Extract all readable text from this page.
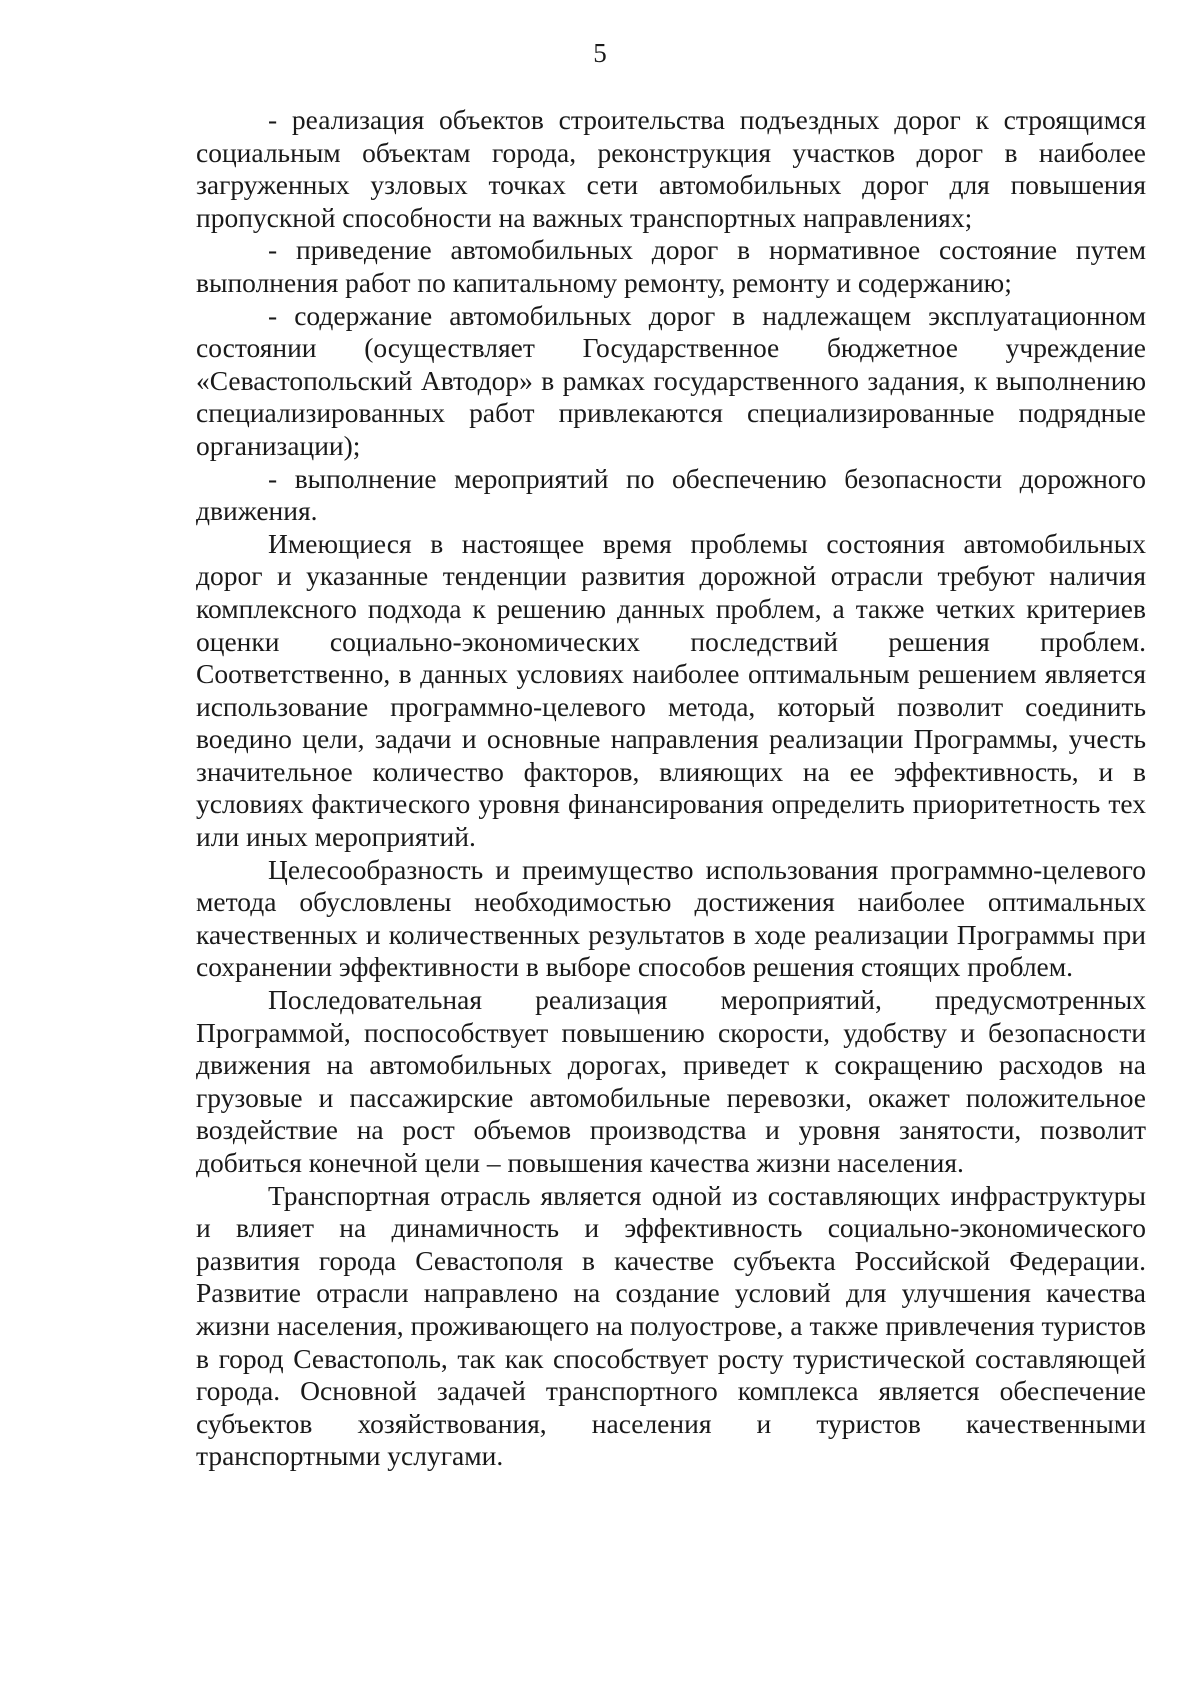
5

- реализация объектов строительства подъездных дорог к строящимся социальным объектам города, реконструкция участков дорог в наиболее загруженных узловых точках сети автомобильных дорог для повышения пропускной способности на важных транспортных направлениях;

- приведение автомобильных дорог в нормативное состояние путем выполнения работ по капитальному ремонту, ремонту и содержанию;

- содержание автомобильных дорог в надлежащем эксплуатационном состоянии (осуществляет Государственное бюджетное учреждение «Севастопольский Автодор» в рамках государственного задания, к выполнению специализированных работ привлекаются специализированные подрядные организации);

- выполнение мероприятий по обеспечению безопасности дорожного движения.

Имеющиеся в настоящее время проблемы состояния автомобильных дорог и указанные тенденции развития дорожной отрасли требуют наличия комплексного подхода к решению данных проблем, а также четких критериев оценки социально-экономических последствий решения проблем. Соответственно, в данных условиях наиболее оптимальным решением является использование программно-целевого метода, который позволит соединить воедино цели, задачи и основные направления реализации Программы, учесть значительное количество факторов, влияющих на ее эффективность, и в условиях фактического уровня финансирования определить приоритетность тех или иных мероприятий.

Целесообразность и преимущество использования программно-целевого метода обусловлены необходимостью достижения наиболее оптимальных качественных и количественных результатов в ходе реализации Программы при сохранении эффективности в выборе способов решения стоящих проблем.

Последовательная реализация мероприятий, предусмотренных Программой, поспособствует повышению скорости, удобству и безопасности движения на автомобильных дорогах, приведет к сокращению расходов на грузовые и пассажирские автомобильные перевозки, окажет положительное воздействие на рост объемов производства и уровня занятости, позволит добиться конечной цели – повышения качества жизни населения.

Транспортная отрасль является одной из составляющих инфраструктуры и влияет на динамичность и эффективность социально-экономического развития города Севастополя в качестве субъекта Российской Федерации. Развитие отрасли направлено на создание условий для улучшения качества жизни населения, проживающего на полуострове, а также привлечения туристов в город Севастополь, так как способствует росту туристической составляющей города. Основной задачей транспортного комплекса является обеспечение субъектов хозяйствования, населения и туристов качественными транспортными услугами.
